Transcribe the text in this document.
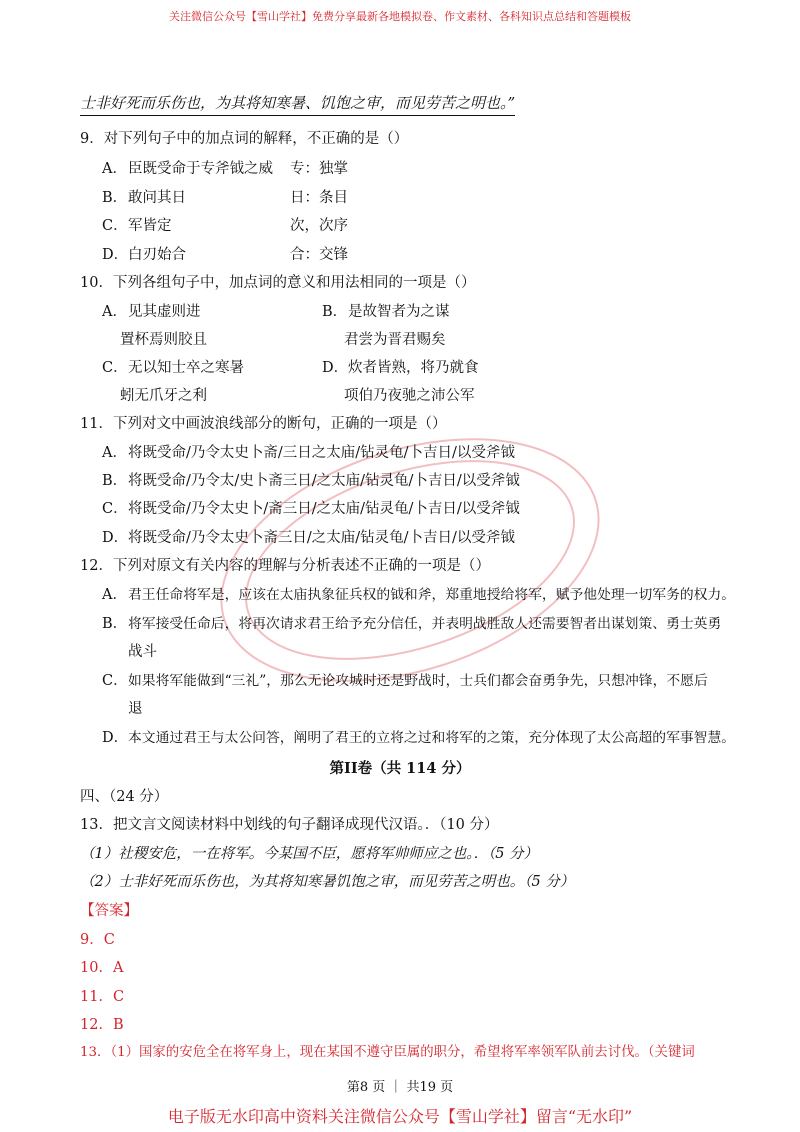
关注微信公众号【雪山学社】免费分享最新各地模拟卷、作文素材、各科知识点总结和答题模板
士非好死而乐伤也，为其将知寒暑、饥饱之审，而见劳苦之明也。”
9．对下列句子中的加点词的解释，不正确的是（）
A． 臣既受命于专斧钺之威 专：独掌
B． 敢问其日	日：条目
C． 军皆定	次，次序
D． 白刃始合	合：交锋
10．下列各组句子中，加点词的意义和用法相同的一项是（）
A． 见其虚则进
置杯焉则胶且
B． 是故智者为之谋
君尝为晋君赐矣
C． 无以知士卒之寒暑
蚓无爪牙之利
D． 炊者皆熟，将乃就食
项伯乃夜驰之沛公军
11．下列对文中画波浪线部分的断句，正确的一项是（）
A． 将既受命/乃令太史卜斋/三日之太庙/钻灵龟/卜吉日/以受斧钺
B． 将既受命/乃令太/史卜斋三日/之太庙/钻灵龟/卜吉日/以受斧钺
C． 将既受命/乃令太史卜/斋三日/之太庙/钻灵龟/卜吉日/以受斧钺
D． 将既受命/乃令太史卜斋三日/之太庙/钻灵龟/卜吉日/以受斧钺
12．下列对原文有关内容的理解与分析表述不正确的一项是（）
A． 君王任命将军是，应该在太庙执象征兵权的钺和斧，郑重地授给将军，赋予他处理一切军务的权力。
B． 将军接受任命后，将再次请求君王给予充分信任，并表明战胜敌人还需要智者出谋划策、勇士英勇
战斗
C． 如果将军能做到“三礼”，那么无论攻城时还是野战时，士兵们都会奋勇争先，只想冲锋，不愿后
退
D． 本文通过君王与太公问答，阐明了君王的立将之过和将军的之策，充分体现了太公高超的军事智慧。
第II卷（共 114 分）
四、（24 分）
13．把文言文阅读材料中划线的句子翻译成现代汉语。．（10 分）
（1）社稷安危，一在将军。今某国不臣，愿将军帅师应之也。．（5 分）
（2）士非好死而乐伤也，为其将知寒暑饥饱之审，而见劳苦之明也。（5 分）
【答案】
9．C
10．A
11．C
12．B
13．（1）国家的安危全在将军身上，现在某国不遵守臣属的职分，希望将军率领军队前去讨伐。（关键词
第8 页 ｜ 共19 页
电子版无水印高中资料关注微信公众号【雪山学社】留言“无水印”
